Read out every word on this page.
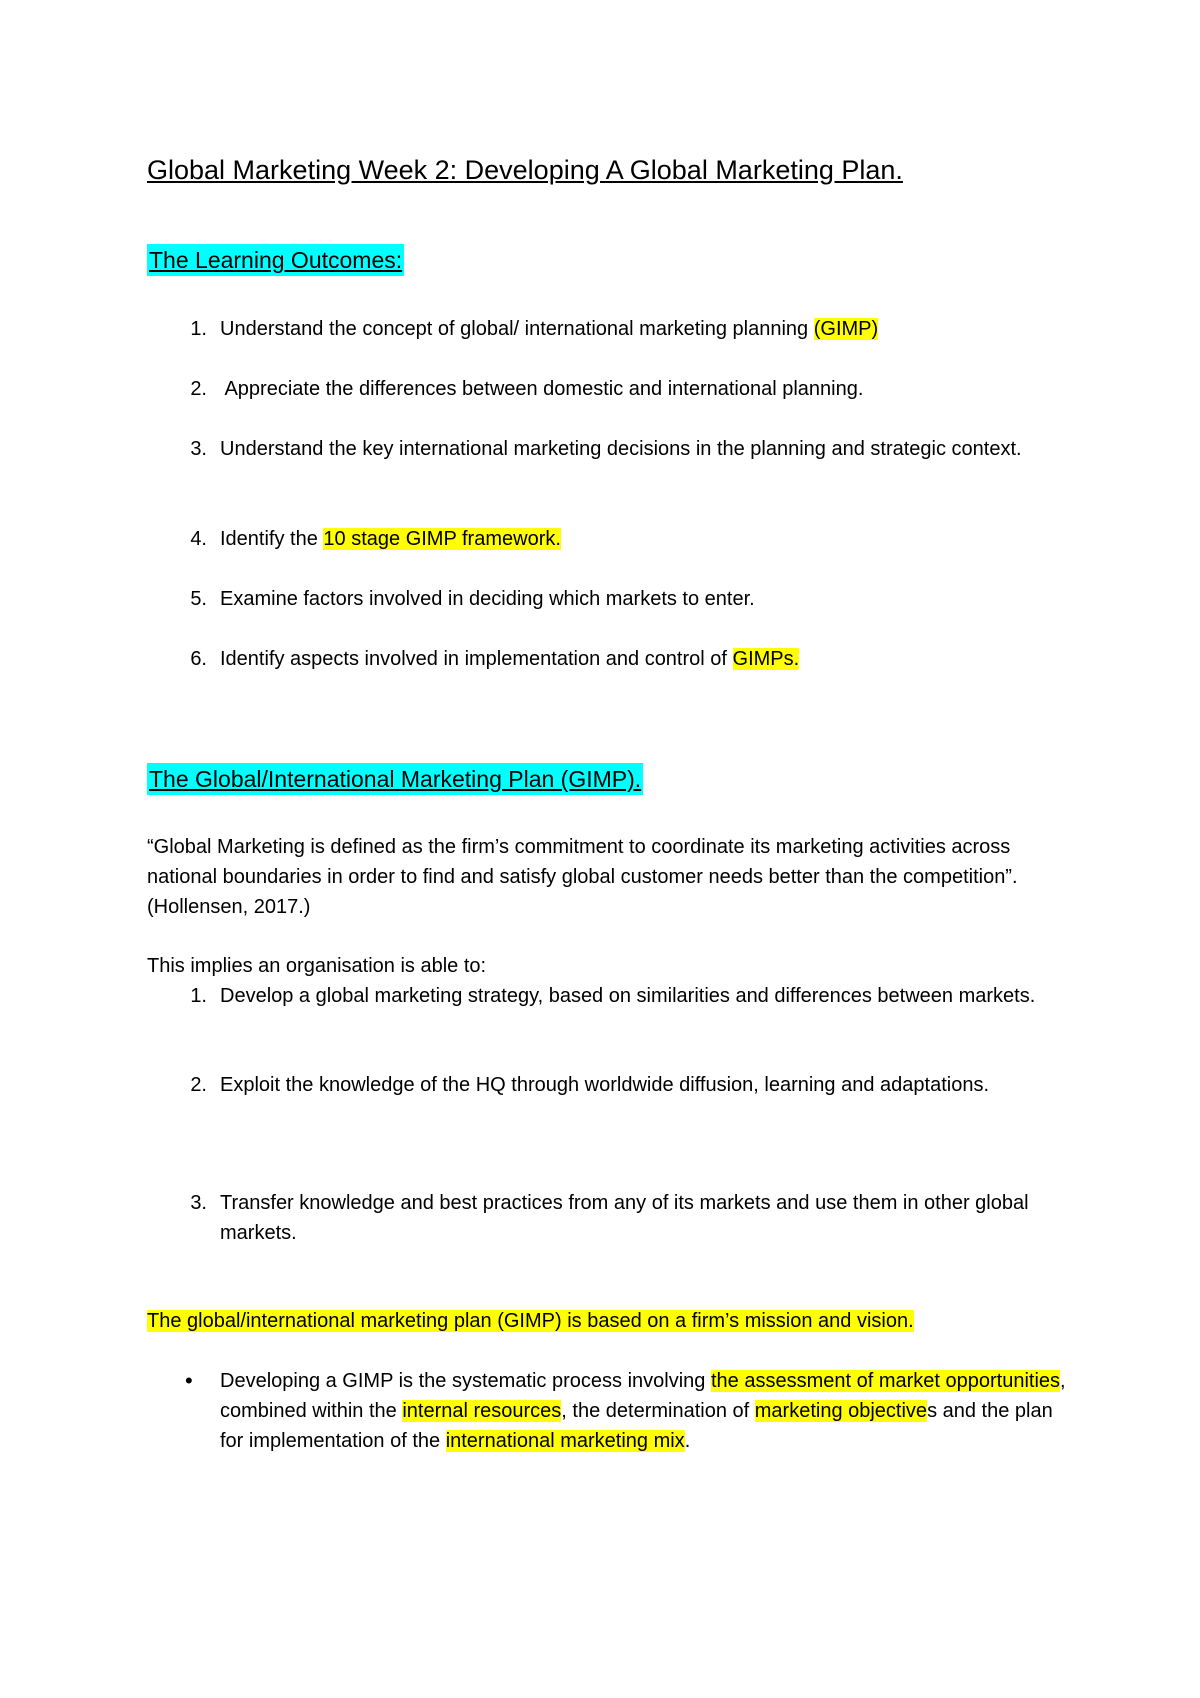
Global Marketing Week 2: Developing A Global Marketing Plan.
The Learning Outcomes:
1. Understand the concept of global/ international marketing planning (GIMP)
2. Appreciate the differences between domestic and international planning.
3. Understand the key international marketing decisions in the planning and strategic context.
4. Identify the 10 stage GIMP framework.
5. Examine factors involved in deciding which markets to enter.
6. Identify aspects involved in implementation and control of GIMPs.
The Global/International Marketing Plan (GIMP).
“Global Marketing is defined as the firm’s commitment to coordinate its marketing activities across national boundaries in order to find and satisfy global customer needs better than the competition”. (Hollensen, 2017.)
This implies an organisation is able to:
1. Develop a global marketing strategy, based on similarities and differences between markets.
2. Exploit the knowledge of the HQ through worldwide diffusion, learning and adaptations.
3. Transfer knowledge and best practices from any of its markets and use them in other global markets.
The global/international marketing plan (GIMP) is based on a firm’s mission and vision.
• Developing a GIMP is the systematic process involving the assessment of market opportunities, combined within the internal resources, the determination of marketing objectives and the plan for implementation of the international marketing mix.
